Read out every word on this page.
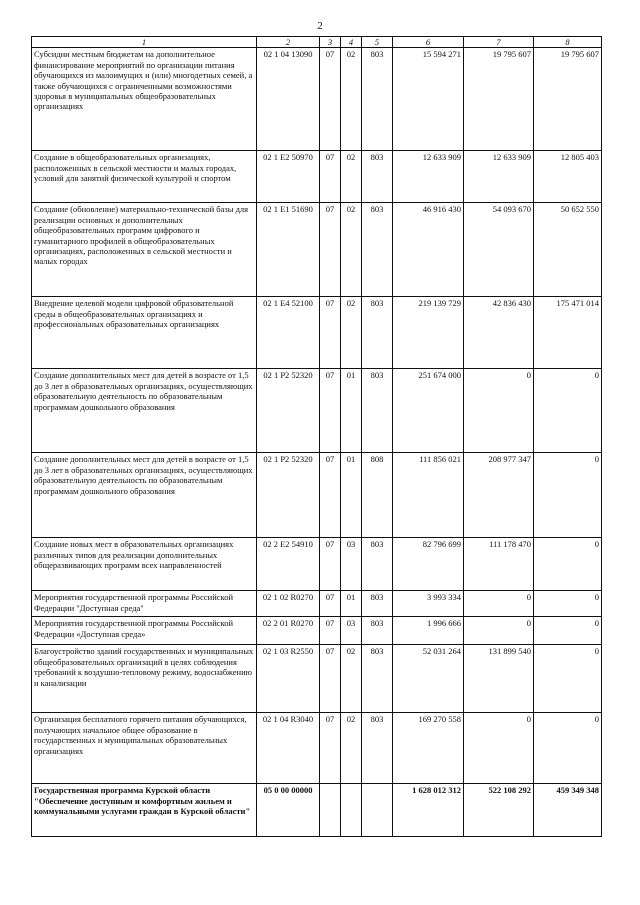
2
1	2	3	4	5	6	7	8
Субсидии местным бюджетам на дополнительное финансирование мероприятий по организации питания обучающихся из малоимущих и (или) многодетных семей, а также обучающихся с ограниченными возможностями здоровья в муниципальных общеобразовательных организациях	02 1 04 13090	07	02	803	15 594 271	19 795 607	19 795 607
Создание в общеобразовательных организациях, расположенных в сельской местности и малых городах, условий для занятий физической культурой и спортом	02 1 E2 50970	07	02	803	12 633 909	12 633 909	12 805 403
Создание (обновление) материально-технической базы для реализации основных и дополнительных общеобразовательных программ цифрового и гуманитарного профилей в общеобразовательных организациях, расположенных в сельской местности и малых городах	02 1 E1 51690	07	02	803	46 916 430	54 093 670	50 652 550
Внедрение целевой модели цифровой образовательной среды в общеобразовательных организациях и профессиональных образовательных организациях	02 1 E4 52100	07	02	803	219 139 729	42 836 430	175 471 014
Создание дополнительных мест для детей в возрасте от 1,5 до 3 лет в образовательных организациях, осуществляющих образовательную деятельность по образовательным программам дошкольного образования	02 1 P2 52320	07	01	803	251 674 000	0	0
Создание дополнительных мест для детей в возрасте от 1,5 до 3 лет в образовательных организациях, осуществляющих образовательную деятельность по образовательным программам дошкольного образования	02 1 P2 52320	07	01	808	111 856 021	208 977 347	0
Создание новых мест в образовательных организациях различных типов для реализации дополнительных общеразвивающих программ всех направленностей	02 2 E2 54910	07	03	803	82 796 699	111 178 470	0
Мероприятия государственной программы Российской Федерации "Доступная среда"	02 1 02 R0270	07	01	803	3 993 334	0	0
Мероприятия государственной программы Российской Федерации «Доступная среда»	02 2 01 R0270	07	03	803	1 996 666	0	0
Благоустройство зданий государственных и муниципальных общеобразовательных организаций в целях соблюдения требований к воздушно-тепловому режиму, водоснабжению и канализации	02 1 03 R2550	07	02	803	52 031 264	131 899 540	0
Организация бесплатного горячего питания обучающихся, получающих начальное общее образование в государственных и муниципальных образовательных организациях	02 1 04 R3040	07	02	803	169 270 558	0	0
Государственная программа Курской области "Обеспечение доступным и комфортным жильем и коммунальными услугами граждан в Курской области"	05 0 00 00000				1 628 012 312	522 108 292	459 349 348
